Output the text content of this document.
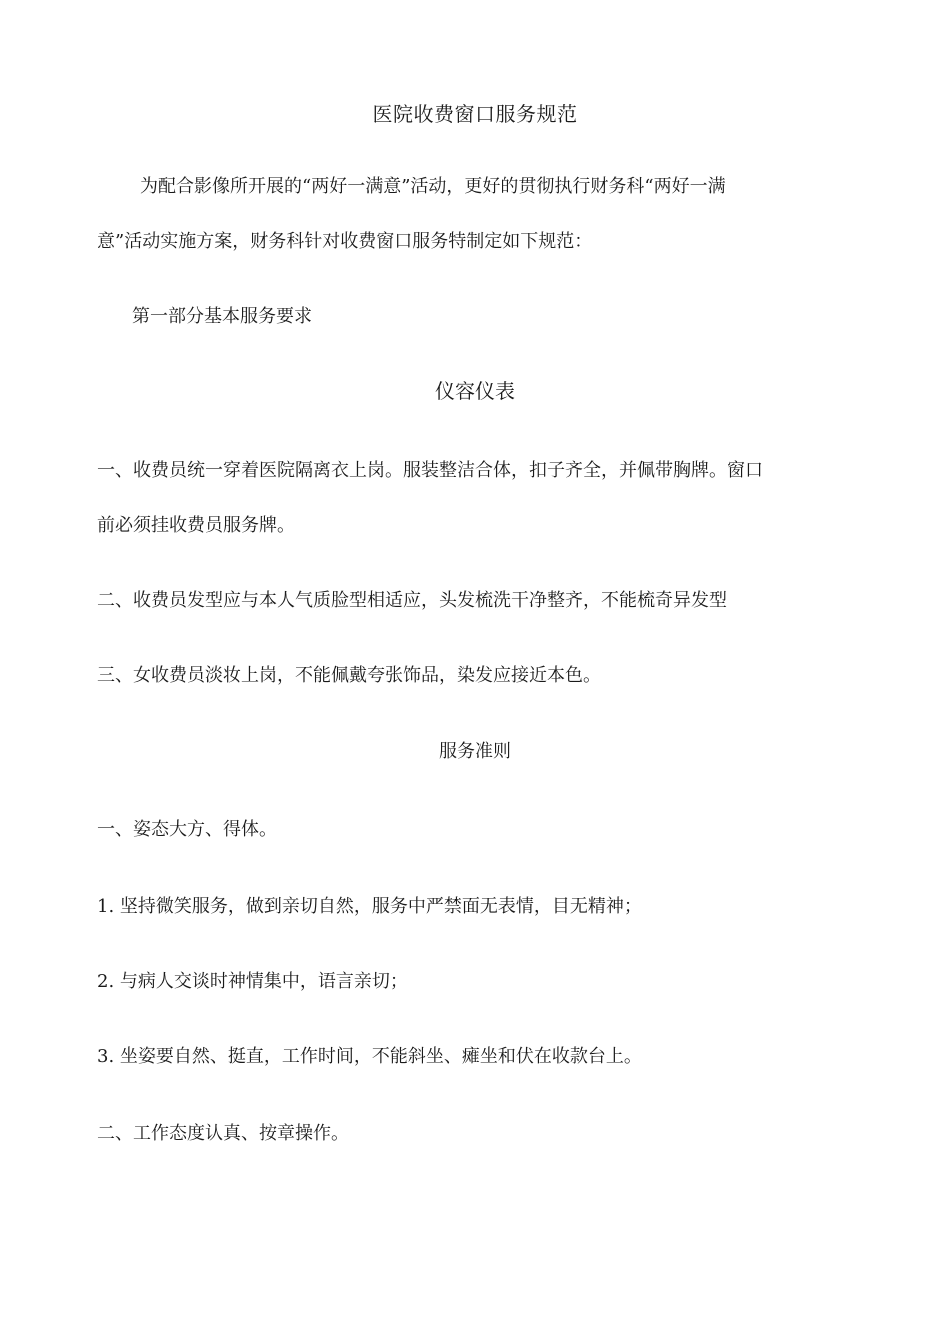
医院收费窗口服务规范
为配合影像所开展的“两好一满意”活动，更好的贯彻执行财务科“两好一满
意”活动实施方案，财务科针对收费窗口服务特制定如下规范：
第一部分基本服务要求
仪容仪表
一、收费员统一穿着医院隔离衣上岗。服装整洁合体，扣子齐全，并佩带胸牌。窗口
前必须挂收费员服务牌。
二、收费员发型应与本人气质脸型相适应，头发梳洗干净整齐，不能梳奇异发型
三、女收费员淡妆上岗，不能佩戴夸张饰品，染发应接近本色。
服务准则
一、姿态大方、得体。
1. 坚持微笑服务，做到亲切自然，服务中严禁面无表情，目无精神；
2. 与病人交谈时神情集中，语言亲切；
3. 坐姿要自然、挺直，工作时间，不能斜坐、瘫坐和伏在收款台上。
二、工作态度认真、按章操作。
